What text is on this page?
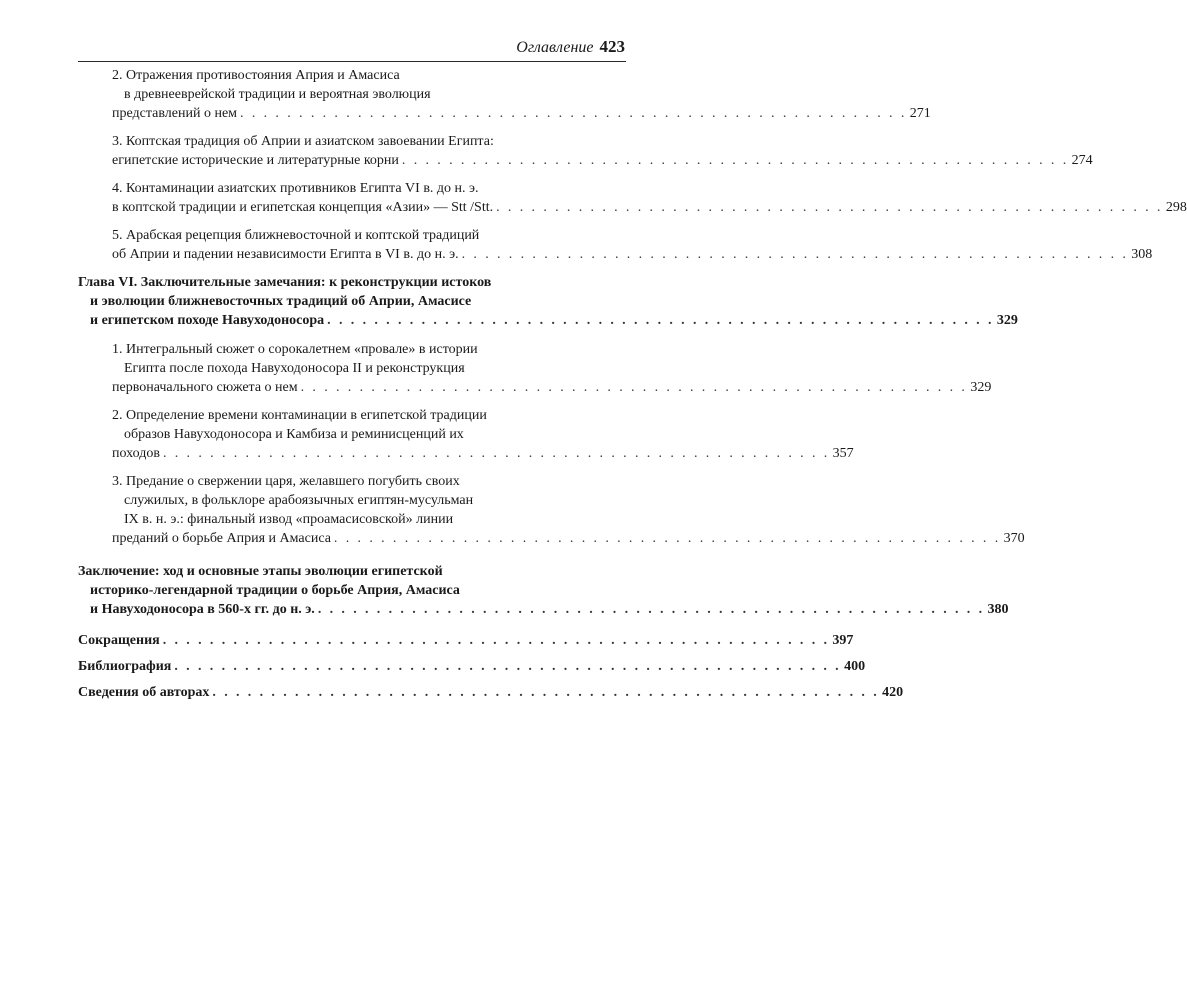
Оглавление 423
2. Отражения противостояния Априя и Амасиса
в древнееврейской традиции и вероятная эволюция
представлений о нем . . . . . . . . . . . . . . . . . . . . . . . . . . . . . . . . . . . . . . . . . . . . . . . . . . . . . . . . . 271
3. Коптская традиция об Априи и азиатском завоевании Египта:
египетские исторические и литературные корни . . . . . . . . . . . . . . . . . . . . . . . . . . . . . . . . . . . . . . . . . . . . . . . . . . . . . . . . . 274
4. Контаминации азиатских противников Египта VI в. до н. э.
в коптской традиции и египетская концепция «Азии» — Stt /Stt. . . . . . . . . . . . . . . . . . . . . . . . . . . . . . . . . . . . . . . . . . . . . . . . . . . . . . . . . . 298
5. Арабская рецепция ближневосточной и коптской традиций
об Априи и падении независимости Египта в VI в. до н. э. . . . . . . . . . . . . . . . . . . . . . . . . . . . . . . . . . . . . . . . . . . . . . . . . . . . . . . . . . 308
Глава VI. Заключительные замечания: к реконструкции истоков
и эволюции ближневосточных традиций об Априи, Амасисе
и египетском походе Навуходоносора . . . . . . . . . . . . . . . . . . . . . . . . . . . . . . . . . . . . . . . . . . . . . . . . . . . . . . . . . 329
1. Интегральный сюжет о сорокалетнем «провале» в истории
Египта после похода Навуходоносора II и реконструкция
первоначального сюжета о нем . . . . . . . . . . . . . . . . . . . . . . . . . . . . . . . . . . . . . . . . . . . . . . . . . . . . . . . . . 329
2. Определение времени контаминации в египетской традиции
образов Навуходоносора и Камбиза и реминисценций их
походов . . . . . . . . . . . . . . . . . . . . . . . . . . . . . . . . . . . . . . . . . . . . . . . . . . . . . . . . . 357
3. Предание о свержении царя, желавшего погубить своих
служилых, в фольклоре арабоязычных египтян-мусульман
IX в. н. э.: финальный извод «проамасисовской» линии
преданий о борьбе Априя и Амасиса . . . . . . . . . . . . . . . . . . . . . . . . . . . . . . . . . . . . . . . . . . . . . . . . . . . . . . . . . 370
Заключение: ход и основные этапы эволюции египетской
историко-легендарной традиции о борьбе Априя, Амасиса
и Навуходоносора в 560-х гг. до н. э. . . . . . . . . . . . . . . . . . . . . . . . . . . . . . . . . . . . . . . . . . . . . . . . . . . . . . . . . . 380
Сокращения . . . . . . . . . . . . . . . . . . . . . . . . . . . . . . . . . . . . . . . . . . . . . . . . . . . . . . . . . 397
Библиография . . . . . . . . . . . . . . . . . . . . . . . . . . . . . . . . . . . . . . . . . . . . . . . . . . . . . . . . . 400
Сведения об авторах . . . . . . . . . . . . . . . . . . . . . . . . . . . . . . . . . . . . . . . . . . . . . . . . . . . . . . . . . 420
